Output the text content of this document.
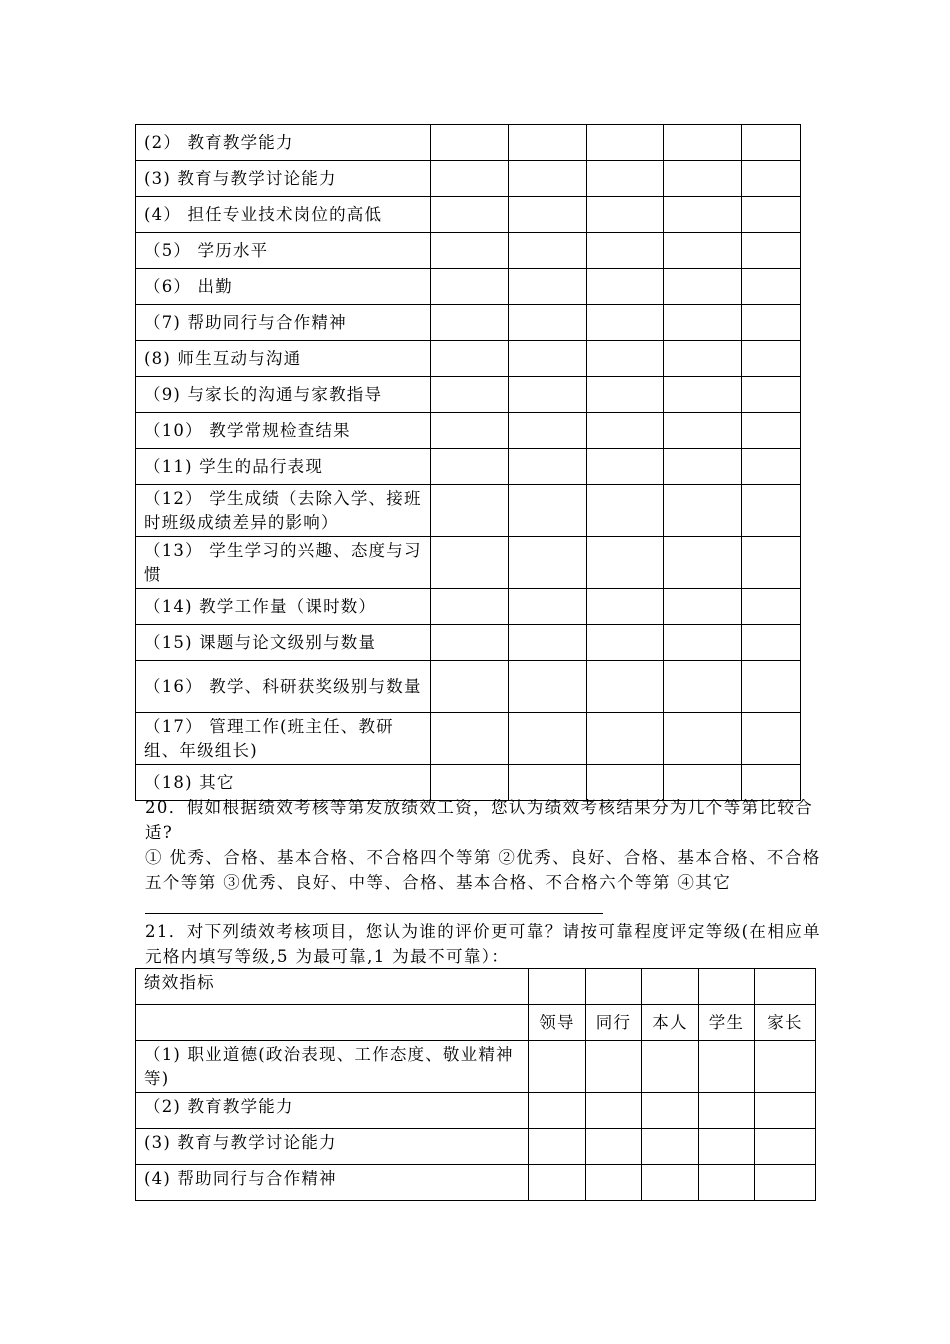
(2） 教育教学能力					
(3) 教育与教学讨论能力					
(4） 担任专业技术岗位的高低					
（5） 学历水平					
（6） 出勤					
（7) 帮助同行与合作精神					
(8) 师生互动与沟通					
（9) 与家长的沟通与家教指导					
（10） 教学常规检查结果					
（11) 学生的品行表现					
（12） 学生成绩（去除入学、接班时班级成绩差异的影响）					
（13） 学生学习的兴趣、态度与习惯					
（14) 教学工作量（课时数）					
（15) 课题与论文级别与数量					
（16） 教学、科研获奖级别与数量					
（17） 管理工作(班主任、教研组、年级组长)					
（18) 其它					
20．假如根据绩效考核等第发放绩效工资，您认为绩效考核结果分为几个等第比较合适?
① 优秀、合格、基本合格、不合格四个等第 ②优秀、良好、合格、基本合格、不合格五个等第 ③优秀、良好、中等、合格、基本合格、不合格六个等第 ④其它
21．对下列绩效考核项目，您认为谁的评价更可靠？请按可靠程度评定等级(在相应单元格内填写等级,5 为最可靠,1 为最不可靠）：
绩效指标					
	领导	同行	本人	学生	家长
（1) 职业道德(政治表现、工作态度、敬业精神等)					
（2) 教育教学能力					
(3) 教育与教学讨论能力					
(4) 帮助同行与合作精神					
